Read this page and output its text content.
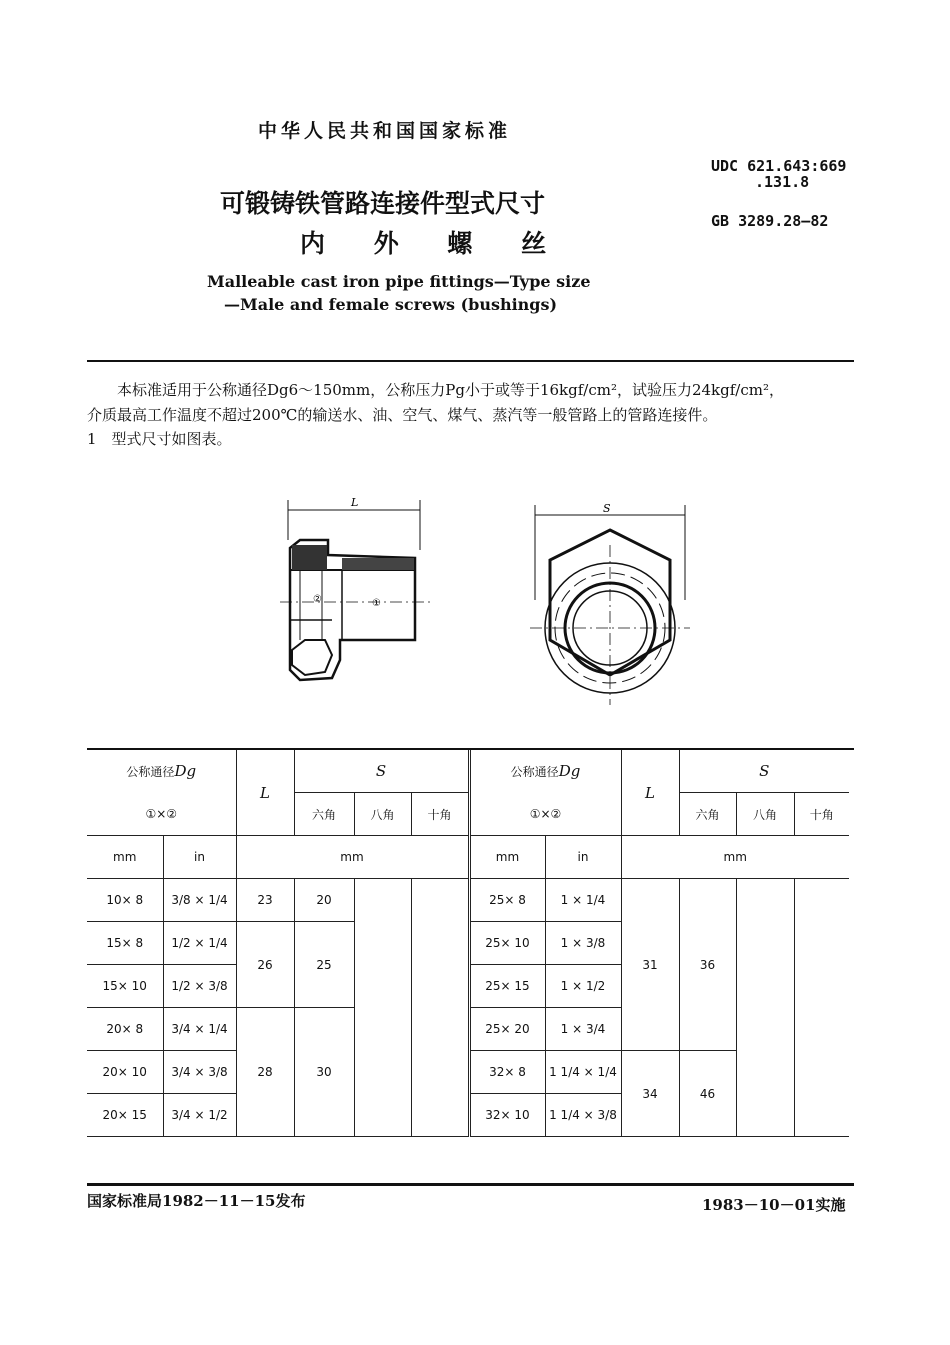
中华人民共和国国家标准
UDC 621.643:669
.131.8
GB 3289.28—82
可锻铸铁管路连接件型式尺寸
内 外 螺 丝
Malleable cast iron pipe fittings—Type size
—Male and female screws (bushings)
本标准适用于公称通径Dg6～150mm，公称压力Pg小于或等于16kgf/cm²，试验压力24kgf/cm²，
介质最高工作温度不超过200℃的输送水、油、空气、煤气、蒸汽等一般管路上的管路连接件。
1　型式尺寸如图表。
L
②	①
S
公称通径Dg		L	S			公称通径Dg		L	S		
①×②			六角	八角	十角	①×②			六角	八角	十角
mm	in	mm				mm	in	mm			
10× 8	3/8 × 1/4	23	20			25× 8	1 × 1/4	31	36		
15× 8	1/2 × 1/4	26	25			25× 10	1 × 3/8				
15× 10	1/2 × 3/8					25× 15	1 × 1/2				
20× 8	3/4 × 1/4	28	30			25× 20	1 × 3/4				
20× 10	3/4 × 3/8					32× 8	1 1/4 × 1/4	34	46		
20× 15	3/4 × 1/2					32× 10	1 1/4 × 3/8				
国家标准局1982－11－15发布	1983－10－01实施
